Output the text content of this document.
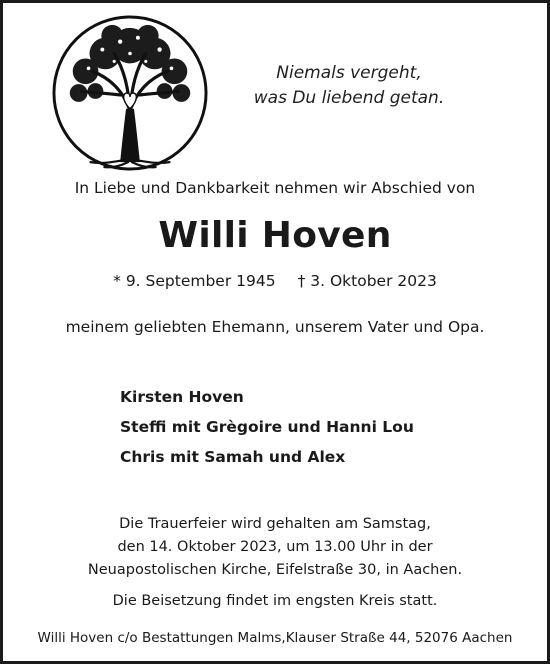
Niemals vergeht,
was Du liebend getan.
In Liebe und Dankbarkeit nehmen wir Abschied von
Willi Hoven
* 9. September 1945 † 3. Oktober 2023
meinem geliebten Ehemann, unserem Vater und Opa.
Kirsten Hoven
Steffi mit Grègoire und Hanni Lou
Chris mit Samah und Alex
Die Trauerfeier wird gehalten am Samstag,
den 14. Oktober 2023, um 13.00 Uhr in der
Neuapostolischen Kirche, Eifelstraße 30, in Aachen.
Die Beisetzung findet im engsten Kreis statt.
Willi Hoven c/o Bestattungen Malms,Klauser Straße 44, 52076 Aachen
